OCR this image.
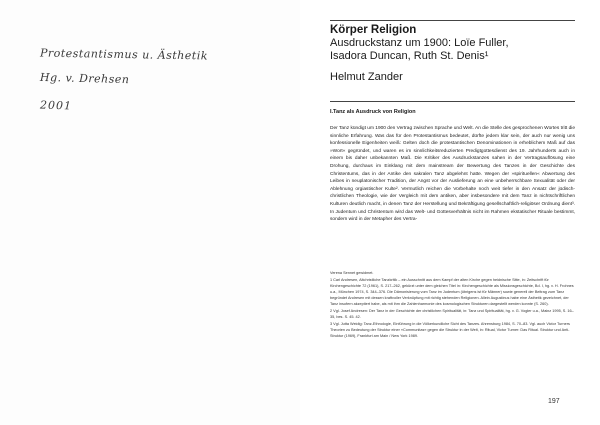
Protestantismus u. Ästhetik
Hg. v. Drehsen
2001

Körper Religion

Ausdruckstanz um 1900: Loïe Fuller,

Isadora Duncan, Ruth St. Denis¹

Helmut Zander

I.Tanz als Ausdruck von Religion

Der Tanz kündigt um 1900 den Vertrag zwischen Sprache und Welt. An die Stelle des gesprochenen Wortes tritt die sinnliche Erfahrung. Was das für den Protestantismus bedeutet, dürfte jedem klar sein, der auch nur wenig uns konfessionelle Eigenheiten weiß: Gelten doch die protestantischen Denominationen in erheblichem Maß auf das »Wort« gegründet, und waren es im sinnlichkeitsreduzierten Predigtgottesdienst des 19. Jahrhunderts auch in einem bis daher unbekannten Maß. Die Kritiker des Ausdruckstanzes sahen in der Vertragsauflösung eine Drohung, durchaus im Einklang mit dem mainstream der Bewertung des Tanzes in der Geschichte des Christentums, das in der Antike den sakralen Tanz abgelehnt hatte. Wegen der »spirituellen« Abwertung des Leibes in neuplatonischer Tradition, der Angst vor der Auslieferung an eine unbeherrschbare Sexualität oder der Ablehnung orgiastischer Kulte². Vermutlich reichen die Vorbehalte noch weit tiefer in den Ansatz der jüdisch-christlichen Theologie, wie der Vergleich mit dem antiken, aber insbesondere mit dem Tanz in nichtschriftlichen Kulturen deutlich macht, in denen Tanz der Herstellung und Bekräftigung gesellschaftlich-religiöser Ordnung dient³. In Judentum und Christentum wird das Welt- und Gottesverhältnis nicht im Rahmen ekstatischer Rituale bestimmt, sondern wird in der Metapher des Vertra-

Verena Sennet gewidmet.

1 Carl Andresen, Altchristliche Tanzkritik – ein Ausschnitt aus dem Kampf der alten Kirche gegen heidnische Sitte, in: Zeitschrift für Kirchengeschichte 72 (1961), S. 217–262, gekürzt unter dem gleichen Titel in: Kirchengeschichte als Missionsgeschichte, Bd. I, hg. v. H. Frohnes u.a., München 1974, S. 344–376. Die Dämonisierung vom Tanz im Judentum (übrigens ist für Männer) sowie generell der Beitrag zum Tanz begründet Andresen mit dessen kraftvoller Verknüpfung mit richtig stehenden Religionen. Allein Augustinus habe eine Ästhetik gezeichnet, der Tanz insofern akzeptiert habe, als mit ihm die Zahlenharmonie des kosmologischen Strukturen dargestellt werden konnte (S. 260).

2 Vgl. Josef Andresen: Der Tanz in der Geschichte der christlichen Spiritualität, in: Tanz und Spiritualität, hg. v. G. Vogler u.a., Mainz 1995, S. 16–35, bes. S. 45. 42.

3 Vgl. Jutta Weidig: Tanz-Ethnologie, Einführung in die Völkerkundliche Sicht des Tanzes. Ahrensburg 1984, S. 70–83. Vgl. auch Victor Turners Theorien zu Bedeutung der Struktur einer »Communitas« gegen die Struktur in der Welt, in: Ritual, Victor Turner: Das Ritual. Struktur und Anti-Struktur (1969), Frankfurt am Main / New York 1989.

197
